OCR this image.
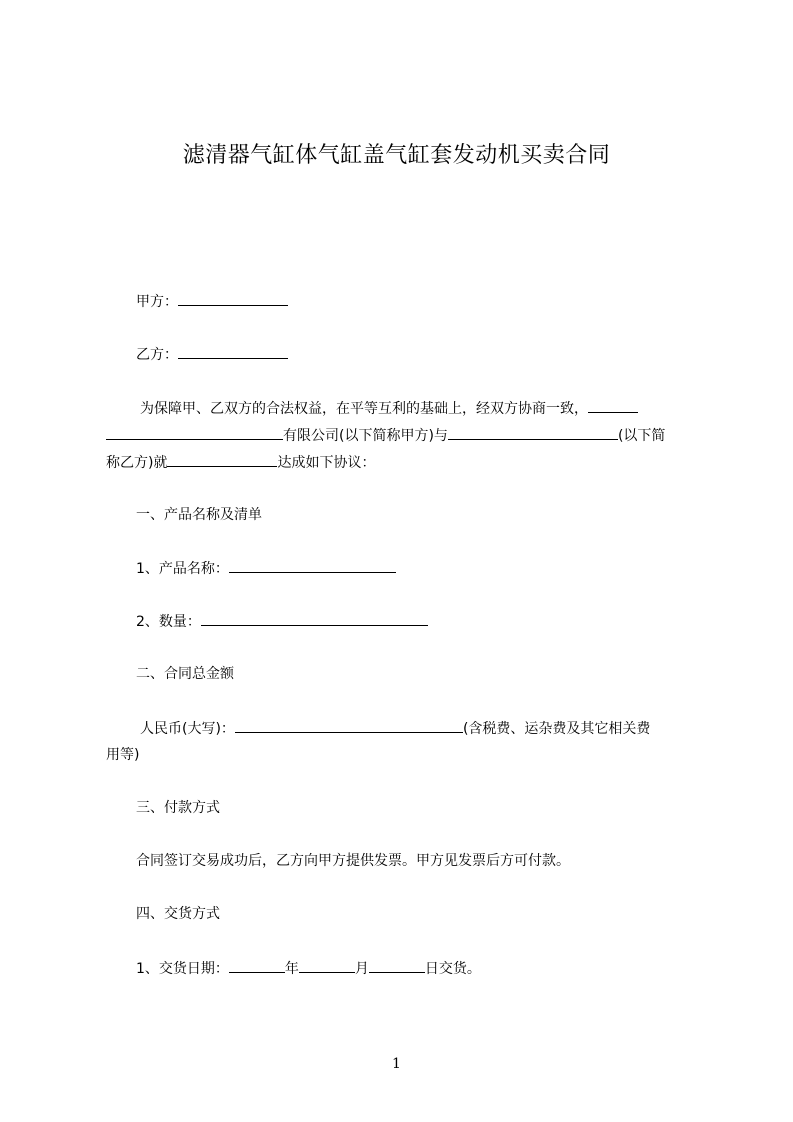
滤清器气缸体气缸盖气缸套发动机买卖合同
甲方：
乙方：
为保障甲、乙双方的合法权益，在平等互利的基础上，经双方协商一致，
有限公司(以下简称甲方)与	(以下简
称乙方)就	达成如下协议：
一、产品名称及清单
1、产品名称：
2、数量：
二、合同总金额
人民币(大写)：	(含税费、运杂费及其它相关费
用等)
三、付款方式
合同签订交易成功后，乙方向甲方提供发票。甲方见发票后方可付款。
四、交货方式
1、交货日期：	年	月	日交货。
1
